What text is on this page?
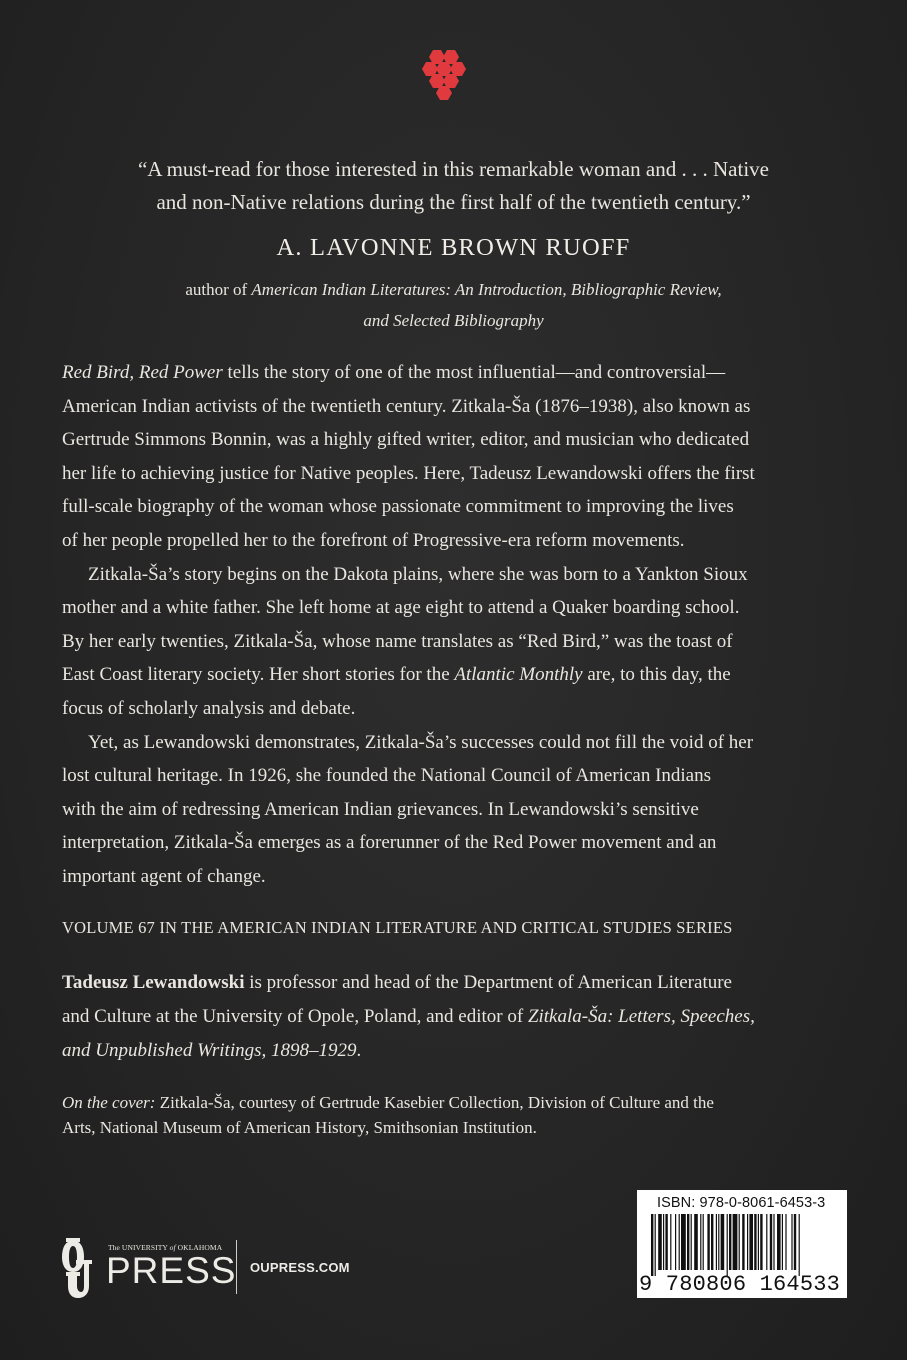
“A must-read for those interested in this remarkable woman and . . . Native
and non-Native relations during the first half of the twentieth century.”
A. LAVONNE BROWN RUOFF
author of American Indian Literatures: An Introduction, Bibliographic Review,
and Selected Bibliography

Red Bird, Red Power tells the story of one of the most influential—and controversial—

American Indian activists of the twentieth century. Zitkala-Ša (1876–1938), also known as

Gertrude Simmons Bonnin, was a highly gifted writer, editor, and musician who dedicated

her life to achieving justice for Native peoples. Here, Tadeusz Lewandowski offers the first

full-scale biography of the woman whose passionate commitment to improving the lives

of her people propelled her to the forefront of Progressive-era reform movements.

Zitkala-Ša’s story begins on the Dakota plains, where she was born to a Yankton Sioux

mother and a white father. She left home at age eight to attend a Quaker boarding school.

By her early twenties, Zitkala-Ša, whose name translates as “Red Bird,” was the toast of

East Coast literary society. Her short stories for the Atlantic Monthly are, to this day, the

focus of scholarly analysis and debate.

Yet, as Lewandowski demonstrates, Zitkala-Ša’s successes could not fill the void of her

lost cultural heritage. In 1926, she founded the National Council of American Indians

with the aim of redressing American Indian grievances. In Lewandowski’s sensitive

interpretation, Zitkala-Ša emerges as a forerunner of the Red Power movement and an

important agent of change.

VOLUME 67 IN THE AMERICAN INDIAN LITERATURE AND CRITICAL STUDIES SERIES

Tadeusz Lewandowski is professor and head of the Department of American Literature

and Culture at the University of Opole, Poland, and editor of Zitkala-Ša: Letters, Speeches,

and Unpublished Writings, 1898–1929.

On the cover: Zitkala-Ša, courtesy of Gertrude Kasebier Collection, Division of Culture and the

Arts, National Museum of American History, Smithsonian Institution.

The UNIVERSITY of OKLAHOMA
PRESS OUPRESS.COM
ISBN: 978-0-8061-6453-3
9 780806 164533
